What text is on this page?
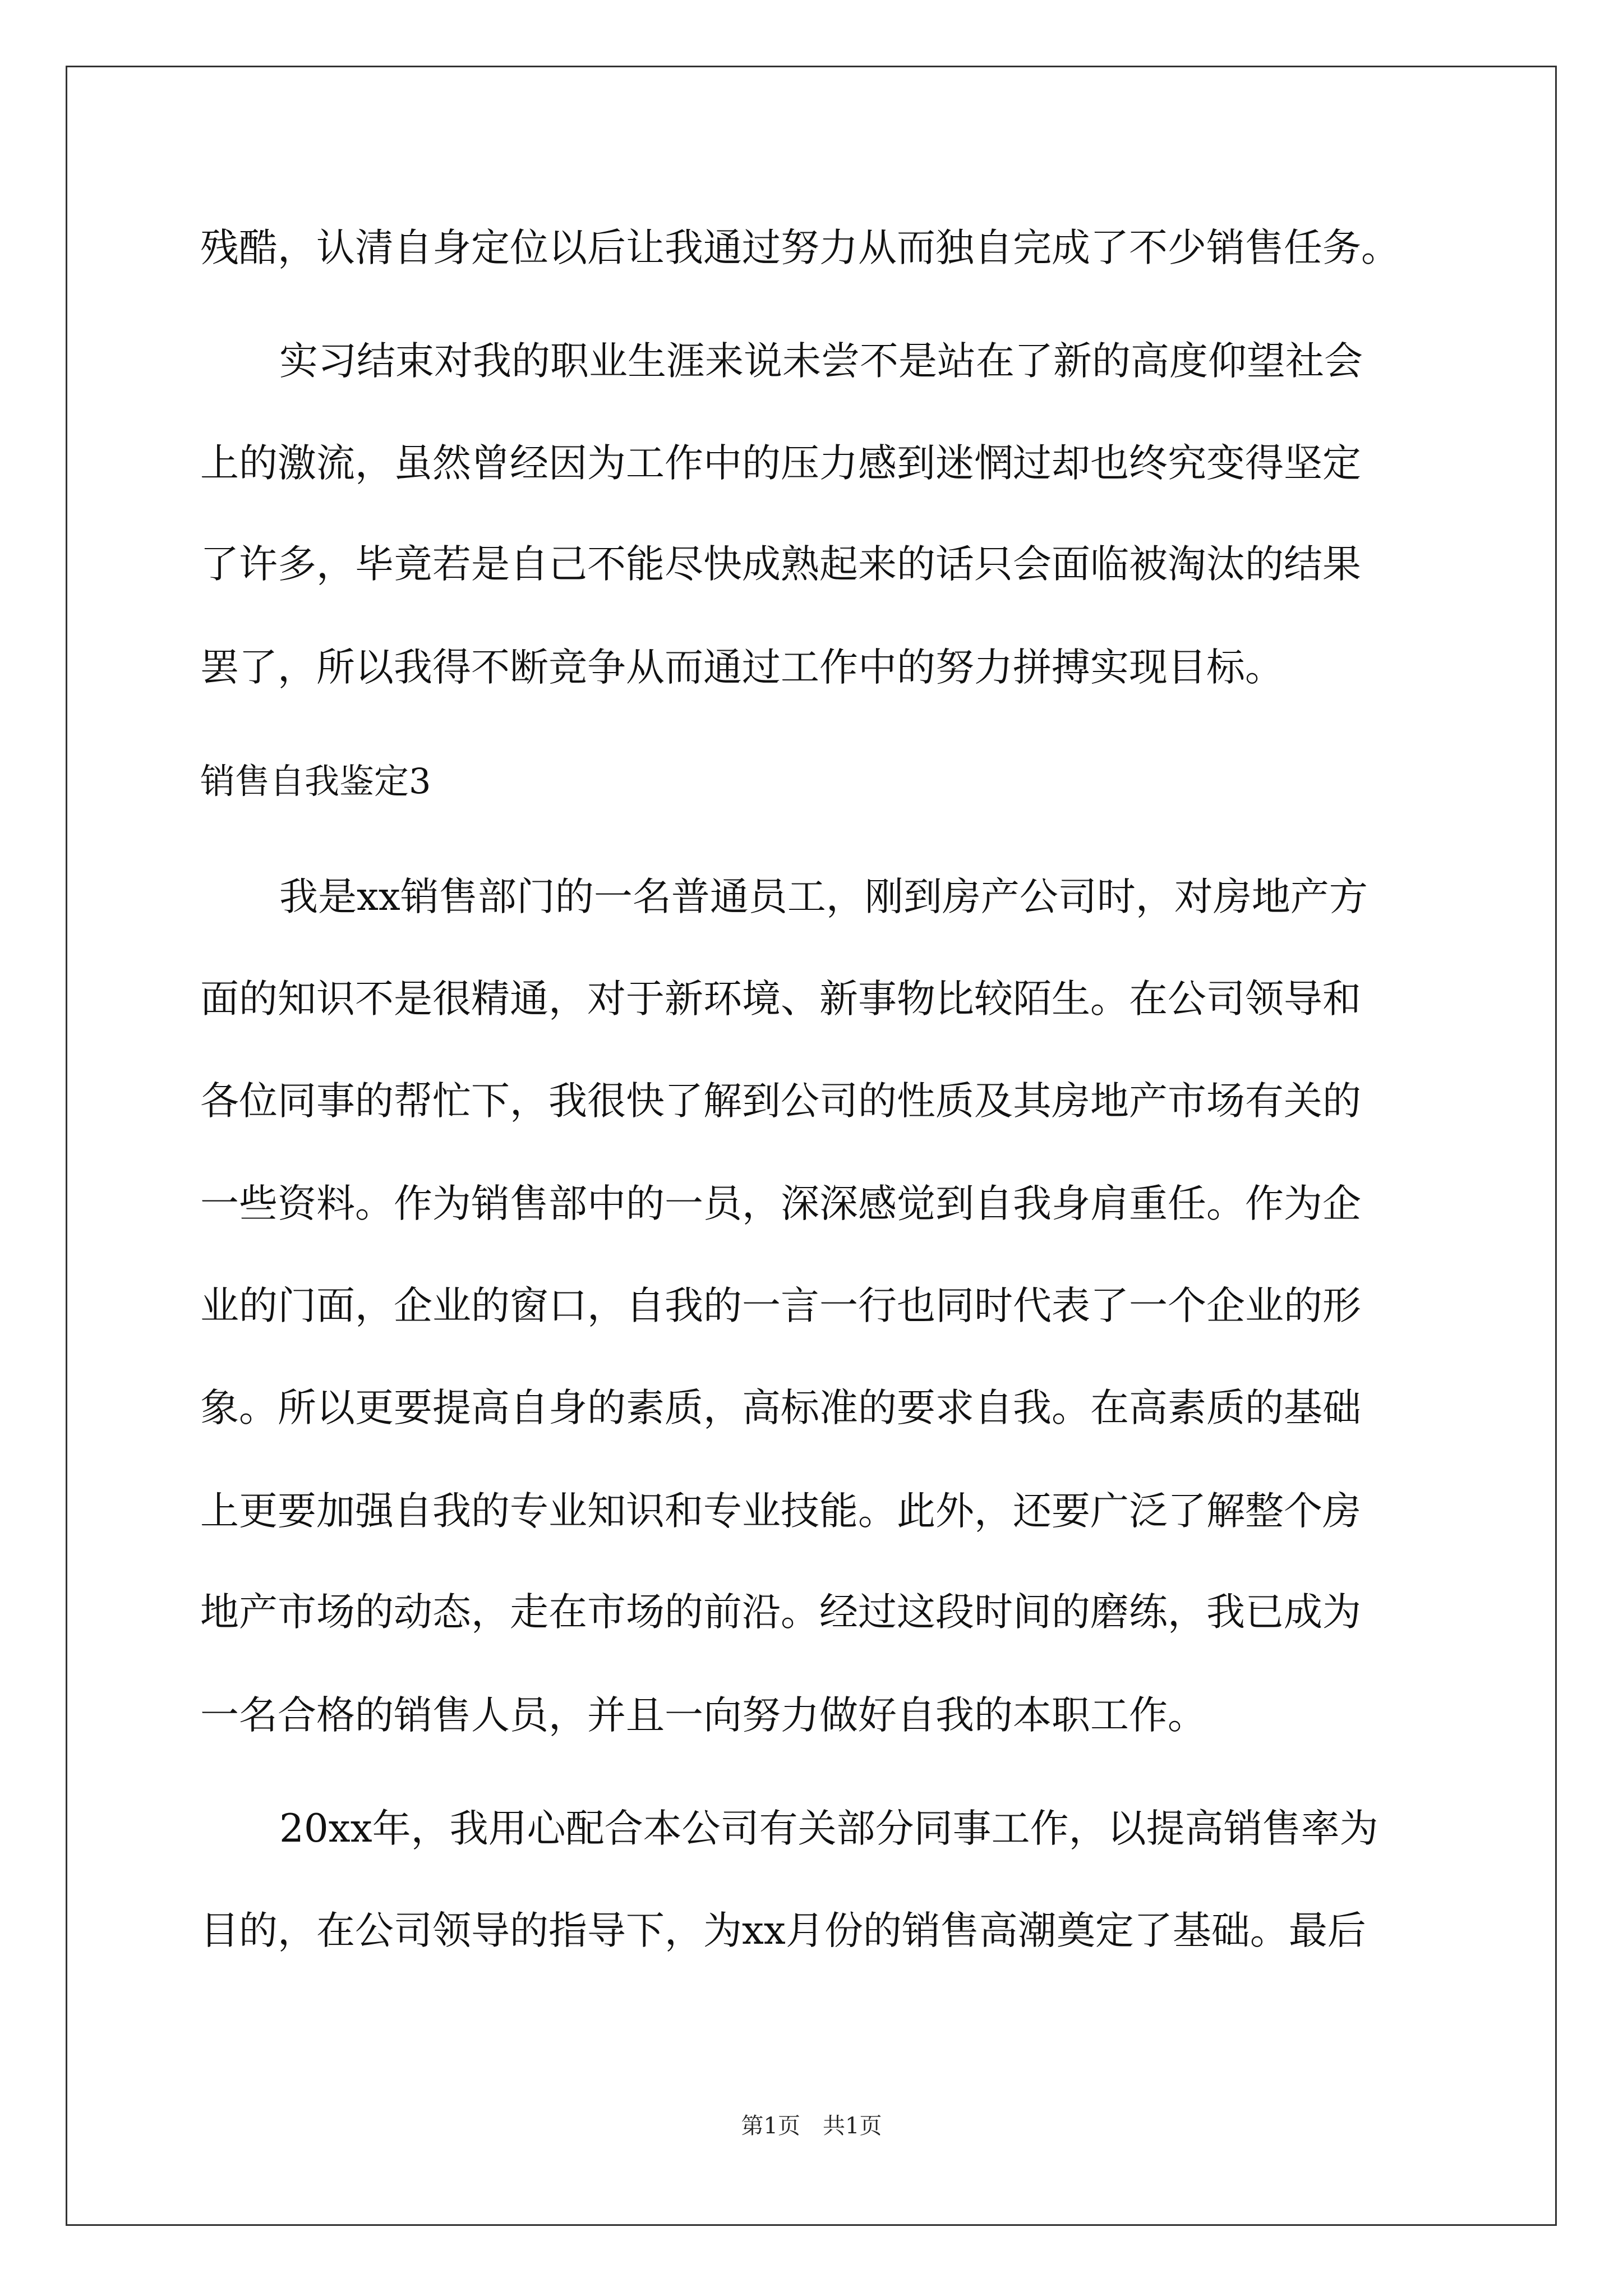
残酷，认清自身定位以后让我通过努力从而独自完成了不少销售任务。
实习结束对我的职业生涯来说未尝不是站在了新的高度仰望社会
上的激流，虽然曾经因为工作中的压力感到迷惘过却也终究变得坚定
了许多，毕竟若是自己不能尽快成熟起来的话只会面临被淘汰的结果
罢了，所以我得不断竞争从而通过工作中的努力拼搏实现目标。
销售自我鉴定3
我是xx销售部门的一名普通员工，刚到房产公司时，对房地产方
面的知识不是很精通，对于新环境、新事物比较陌生。在公司领导和
各位同事的帮忙下，我很快了解到公司的性质及其房地产市场有关的
一些资料。作为销售部中的一员，深深感觉到自我身肩重任。作为企
业的门面，企业的窗口，自我的一言一行也同时代表了一个企业的形
象。所以更要提高自身的素质，高标准的要求自我。在高素质的基础
上更要加强自我的专业知识和专业技能。此外，还要广泛了解整个房
地产市场的动态，走在市场的前沿。经过这段时间的磨练，我已成为
一名合格的销售人员，并且一向努力做好自我的本职工作。
20xx年，我用心配合本公司有关部分同事工作，以提高销售率为
目的，在公司领导的指导下，为xx月份的销售高潮奠定了基础。最后
第1页　共1页
